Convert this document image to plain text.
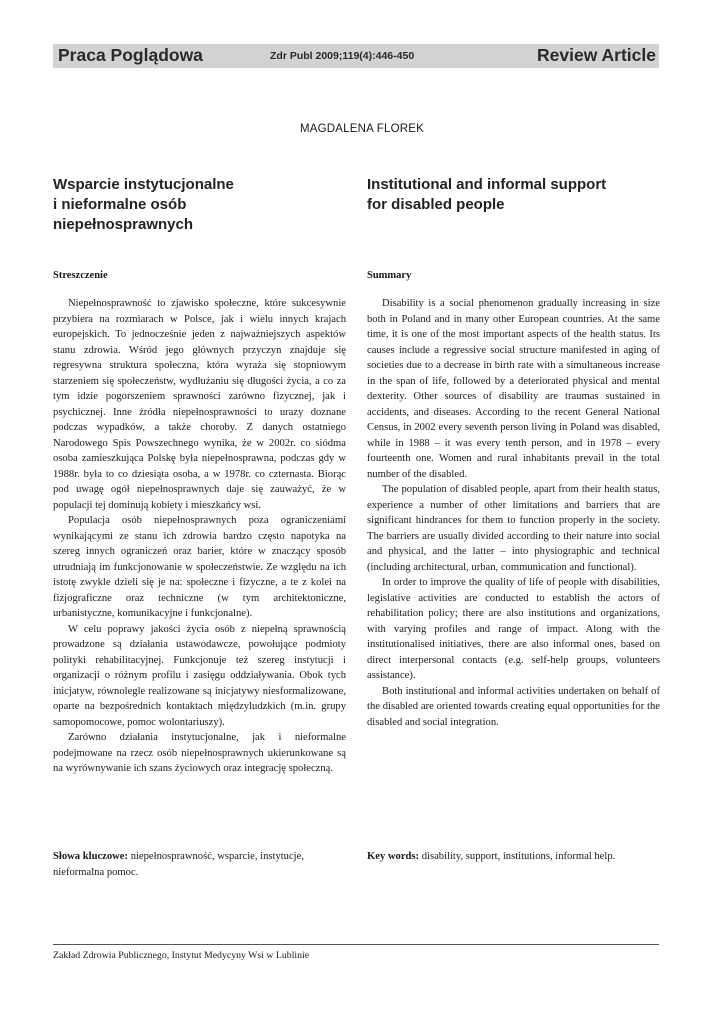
Praca Poglądowa	Zdr Publ 2009;119(4):446-450	Review Article
MAGDALENA FLOREK
Wsparcie instytucjonalne
i nieformalne osób
niepełnosprawnych
Streszczenie

Niepełnosprawność to zjawisko społeczne, które sukcesywnie przybiera na rozmiarach w Polsce, jak i wielu innych krajach europejskich. To jednocześnie jeden z najważniejszych aspektów stanu zdrowia. Wśród jego głównych przyczyn znajduje się regresywna struktura społeczna, która wyraża się stopniowym starzeniem się społeczeństw, wydłużaniu się długości życia, a co za tym idzie pogorszeniem sprawności zarówno fizycznej, jak i psychicznej. Inne źródła niepełnosprawności to urazy doznane podczas wypadków, a także choroby. Z danych ostatniego Narodowego Spis Powszechnego wynika, że w 2002r. co siódma osoba zamieszkująca Polskę była niepełnosprawna, podczas gdy w 1988r. była to co dziesiąta osoba, a w 1978r. co czternasta. Biorąc pod uwagę ogół niepełnosprawnych daje się zauważyć, że w populacji tej dominują kobiety i mieszkańcy wsi.

Populacja osób niepełnosprawnych poza ograniczeniami wynikającymi ze stanu ich zdrowia bardzo często napotyka na szereg innych ograniczeń oraz barier, które w znaczący sposób utrudniają im funkcjonowanie w społeczeństwie. Ze względu na ich istotę zwykle dzieli się je na: społeczne i fizyczne, a te z kolei na fizjograficzne oraz techniczne (w tym architektoniczne, urbanistyczne, komunikacyjne i funkcjonalne).

W celu poprawy jakości życia osób z niepełną sprawnością prowadzone są działania ustawodawcze, powołujące podmioty polityki rehabilitacyjnej. Funkcjonuje też szereg instytucji i organizacji o różnym profilu i zasięgu oddziaływania. Obok tych inicjatyw, równolegle realizowane są inicjatywy niesformalizowane, oparte na bezpośrednich kontaktach międzyludzkich (m.in. grupy samopomocowe, pomoc wolontariuszy).

Zarówno działania instytucjonalne, jak i nieformalne podejmowane na rzecz osób niepełnosprawnych ukierunkowane są na wyrównywanie ich szans życiowych oraz integrację społeczną.

Słowa kluczowe: niepełnosprawność, wsparcie, instytucje, nieformalna pomoc.
Institutional and informal support
for disabled people
Summary

Disability is a social phenomenon gradually increasing in size both in Poland and in many other European countries. At the same time, it is one of the most important aspects of the health status. Its causes include a regressive social structure manifested in aging of societies due to a decrease in birth rate with a simultaneous increase in the span of life, followed by a deteriorated physical and mental dexterity. Other sources of disability are traumas sustained in accidents, and diseases. According to the recent General National Census, in 2002 every seventh person living in Poland was disabled, while in 1988 – it was every tenth person, and in 1978 – every fourteenth one. Women and rural inhabitants prevail in the total number of the disabled.

The population of disabled people, apart from their health status, experience a number of other limitations and barriers that are significant hindrances for them to function properly in the society. The barriers are usually divided according to their nature into social and physical, and the latter – into physiographic and technical (including architectural, urban, communication and functional).

In order to improve the quality of life of people with disabilities, legislative activities are conducted to establish the actors of rehabilitation policy; there are also institutions and organizations, with varying profiles and range of impact. Along with the institutionalised initiatives, there are also informal ones, based on direct interpersonal contacts (e.g. self-help groups, volunteers assistance).

Both institutional and informal activities undertaken on behalf of the disabled are oriented towards creating equal opportunities for the disabled and social integration.

Key words: disability, support, institutions, informal help.
Zakład Zdrowia Publicznego, Instytut Medycyny Wsi w Lublinie
